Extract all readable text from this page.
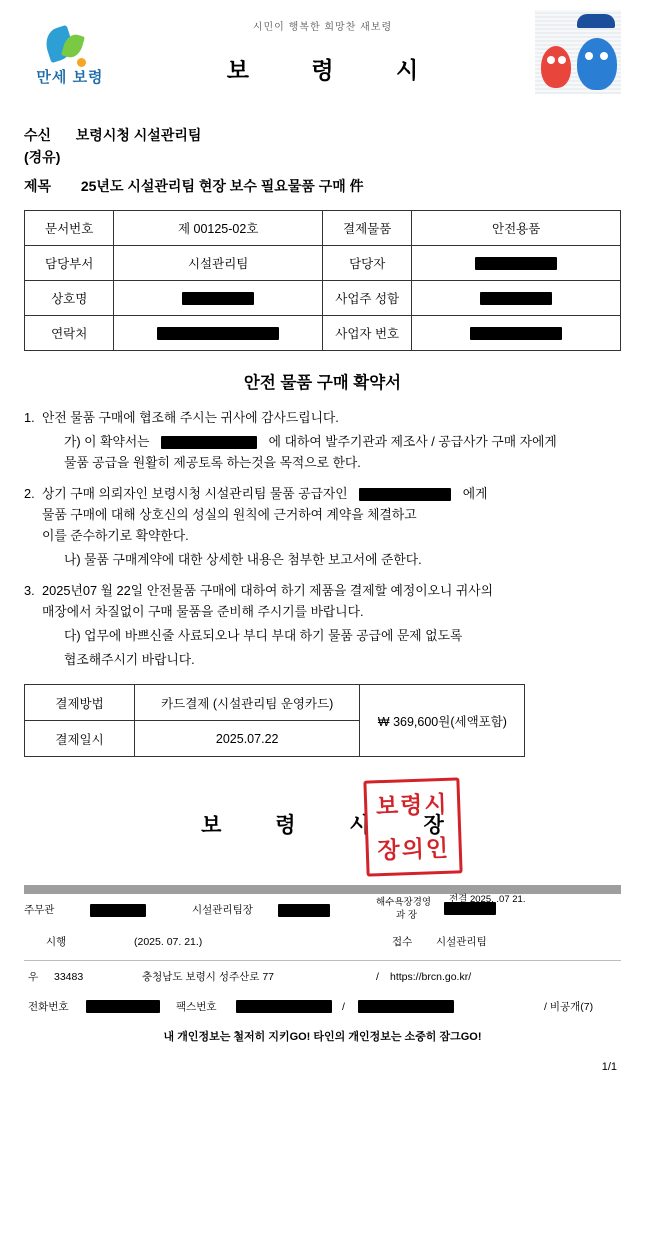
시민이 행복한 희망찬 새보령
보 령 시
만세 보령
수신 보령시청 시설관리팀
(경유)
제목 25년도 시설관리팀 현장 보수 필요물품 구매 件
문서번호	제 00125-02호	결제물품	안전용품
담당부서	시설관리팀	담당자	
상호명		사업주 성함	
연락처		사업자 번호	
안전 물품 구매 확약서
1. 안전 물품 구매에 협조해 주시는 귀사에 감사드립니다.
가) 이 확약서는	에 대하여 발주기관과 제조사 / 공급사가 구매 자에게
물품 공급을 원활히 제공토록 하는것을 목적으로 한다.
2. 상기 구매 의뢰자인 보령시청 시설관리팀 물품 공급자인	에게
물품 구매에 대해 상호신의 성실의 원칙에 근거하여 계약을 체결하고
이를 준수하기로 확약한다.
나) 물품 구매계약에 대한 상세한 내용은 첨부한 보고서에 준한다.
3. 2025년07 월 22일 안전물품 구매에 대하여 하기 제품을 결제할 예정이오니 귀사의
매장에서 차질없이 구매 물품을 준비해 주시기를 바랍니다.
다) 업무에 바쁘신줄 사료되오나 부디 부대 하기 물품 공급에 문제 없도록
협조해주시기 바랍니다.
결제방법	카드결제 (시설관리팀 운영카드)	₩ 369,600원(세액포함)
결제일시	2025.07.22	
보 령 시 장
보령시 장의인
주무관	시설관리팀장
해수욕장경영
과 장
전결 2025. .07 21.
시행	(2025. 07. 21.)	접수 시설관리팀
우 33483	충청남도 보령시 성주산로 77	/ https://brcn.go.kr/
전화번호	팩스번호	/	/ 비공개(7)
내 개인정보는 철저히 지키GO! 타인의 개인정보는 소중히 잠그GO!
1/1
